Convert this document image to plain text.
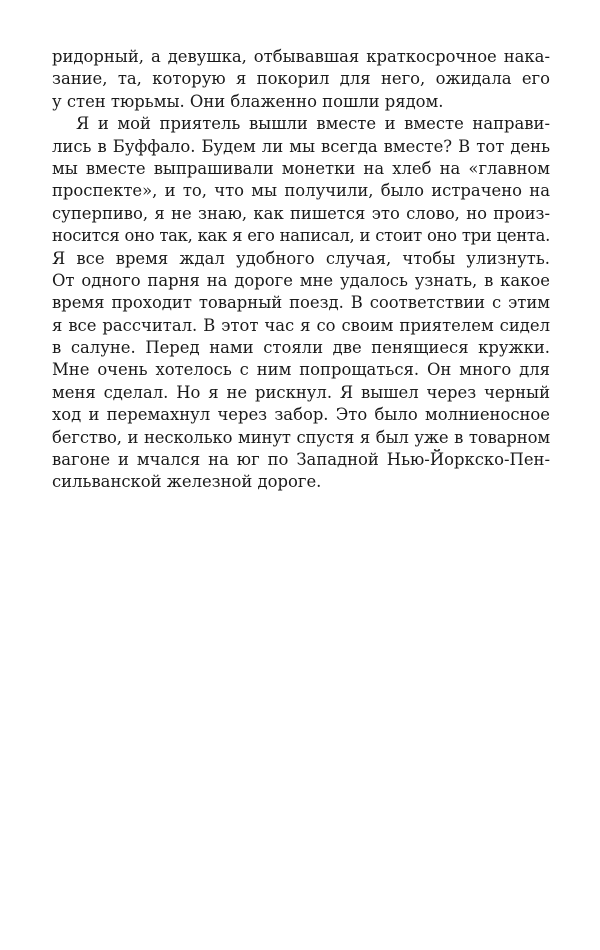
ридорный, а девушка, отбывавшая краткосрочное нака-
зание, та, которую я покорил для него, ожидала его
у стен тюрьмы. Они блаженно пошли рядом.
Я и мой приятель вышли вместе и вместе направи-
лись в Буффало. Будем ли мы всегда вместе? В тот день
мы вместе выпрашивали монетки на хлеб на «главном
проспекте», и то, что мы получили, было истрачено на
суперпиво, я не знаю, как пишется это слово, но произ-
носится оно так, как я его написал, и стоит оно три цента.
Я все время ждал удобного случая, чтобы улизнуть.
От одного парня на дороге мне удалось узнать, в какое
время проходит товарный поезд. В соответствии с этим
я все рассчитал. В этот час я со своим приятелем сидел
в салуне. Перед нами стояли две пенящиеся кружки.
Мне очень хотелось с ним попрощаться. Он много для
меня сделал. Но я не рискнул. Я вышел через черный
ход и перемахнул через забор. Это было молниеносное
бегство, и несколько минут спустя я был уже в товарном
вагоне и мчался на юг по Западной Нью-Йоркско-Пен-
сильванской железной дороге.
